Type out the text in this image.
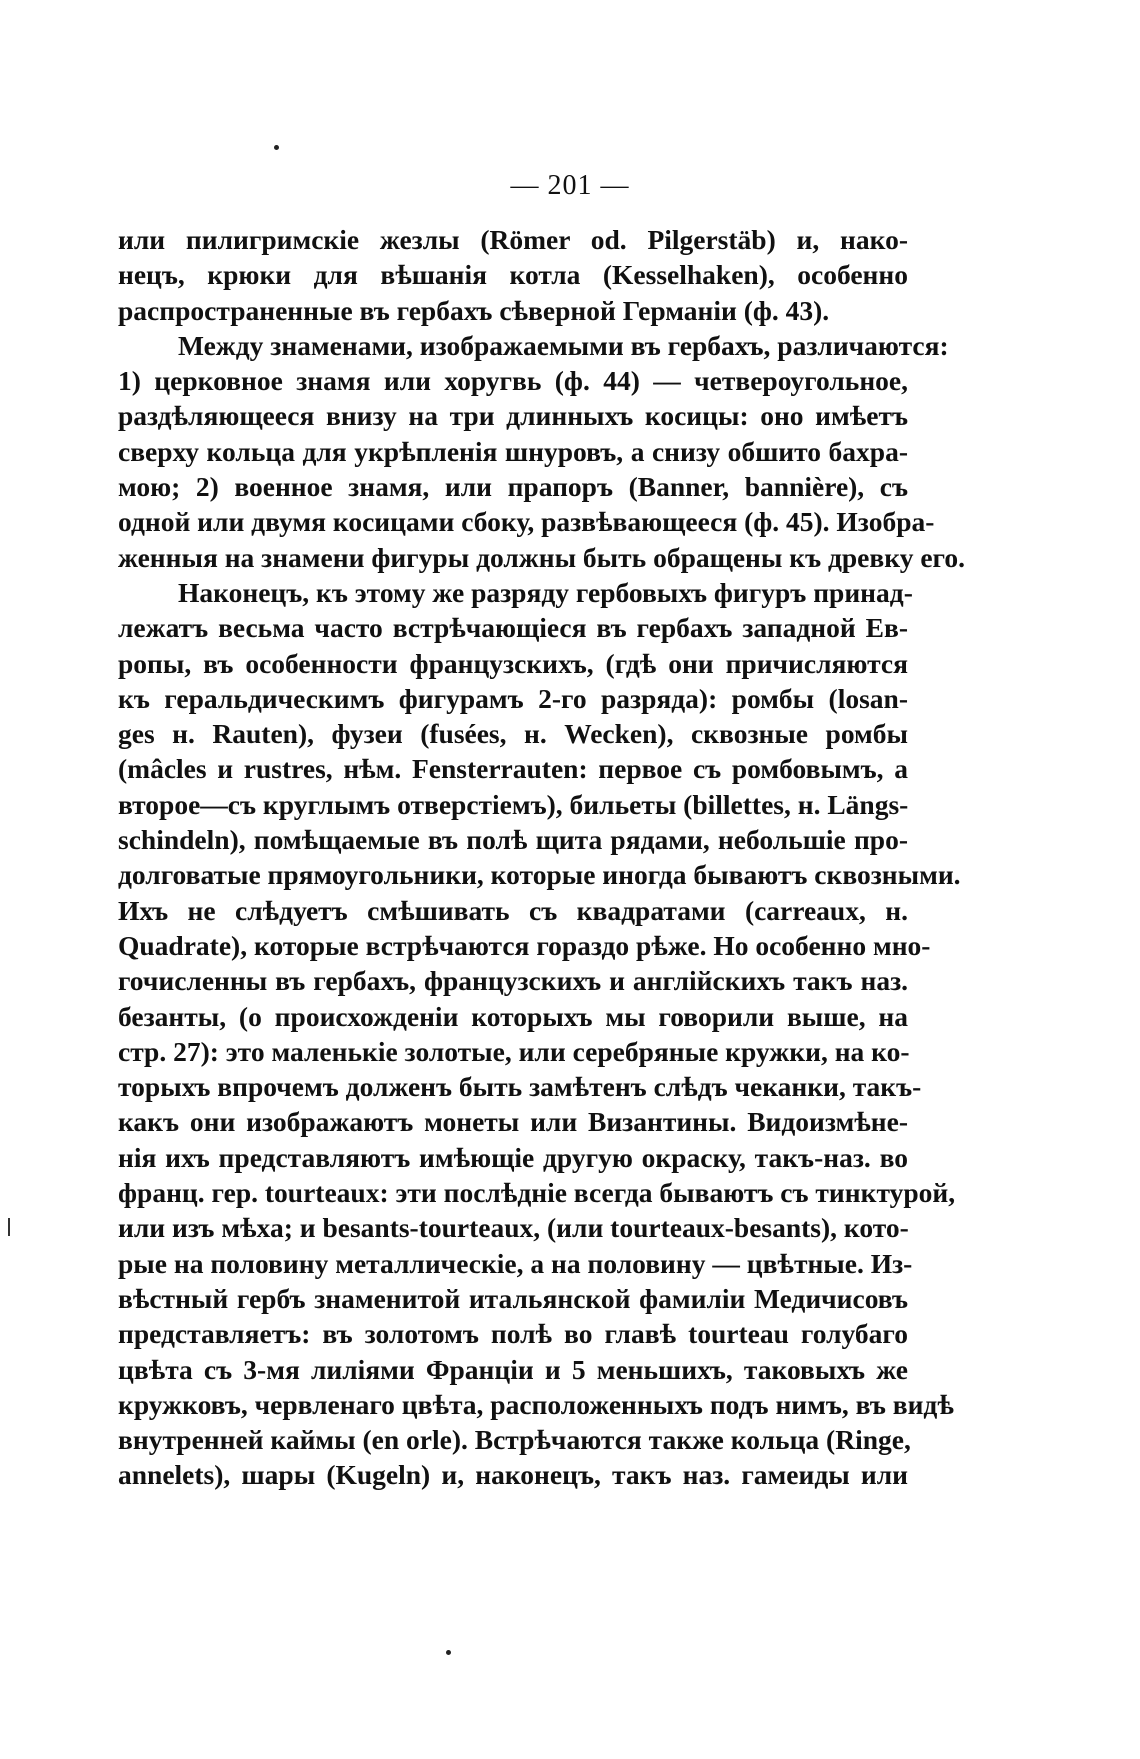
— 201 —
или пилигримскіе жезлы (Römer od. Pilgerstäb) и, нако-
нецъ, крюки для вѣшанія котла (Kesselhaken), особенно
распространенные въ гербахъ сѣверной Германіи (ф. 43).
Между знаменами, изображаемыми въ гербахъ, различаются:
1) церковное знамя или хоругвь (ф. 44) — четвероугольное,
раздѣляющееся внизу на три длинныхъ косицы: оно имѣетъ
сверху кольца для укрѣпленія шнуровъ, а снизу обшито бахра-
мою; 2) военное знамя, или прапоръ (Banner, bannière), съ
одной или двумя косицами сбоку, развѣвающееся (ф. 45). Изобра-
женныя на знамени фигуры должны быть обращены къ древку его.
Наконецъ, къ этому же разряду гербовыхъ фигуръ принад-
лежатъ весьма часто встрѣчающіеся въ гербахъ западной Ев-
ропы, въ особенности французскихъ, (гдѣ они причисляются
къ геральдическимъ фигурамъ 2-го разряда): ромбы (losan-
ges н. Rauten), фузеи (fusées, н. Wecken), сквозные ромбы
(mâcles и rustres, нѣм. Fensterrauten: первое съ ромбовымъ, а
второе—съ круглымъ отверстіемъ), бильеты (billettes, н. Längs-
schindeln), помѣщаемые въ полѣ щита рядами, небольшіе про-
долговатые прямоугольники, которые иногда бываютъ сквозными.
Ихъ не слѣдуетъ смѣшивать съ квадратами (carreaux, н.
Quadrate), которые встрѣчаются гораздо рѣже. Но особенно мно-
гочисленны въ гербахъ, французскихъ и англійскихъ такъ наз.
безанты, (о происхожденіи которыхъ мы говорили выше, на
стр. 27): это маленькіе золотые, или серебряные кружки, на ко-
торыхъ впрочемъ долженъ быть замѣтенъ слѣдъ чеканки, такъ-
какъ они изображаютъ монеты или Византины. Видоизмѣне-
нія ихъ представляютъ имѣющіе другую окраску, такъ-наз. во
франц. гер. tourteaux: эти послѣдніе всегда бываютъ съ тинктурой,
или изъ мѣха; и besants-tourteaux, (или tourteaux-besants), кото-
рые на половину металлическіе, а на половину — цвѣтные. Из-
вѣстный гербъ знаменитой итальянской фамиліи Медичисовъ
представляетъ: въ золотомъ полѣ во главѣ tourteau голубаго
цвѣта съ 3-мя лиліями Франціи и 5 меньшихъ, таковыхъ же
кружковъ, червленаго цвѣта, расположенныхъ подъ нимъ, въ видѣ
внутренней каймы (en orle). Встрѣчаются также кольца (Ringe,
annelets), шары (Kugeln) и, наконецъ, такъ наз. гамеиды или
